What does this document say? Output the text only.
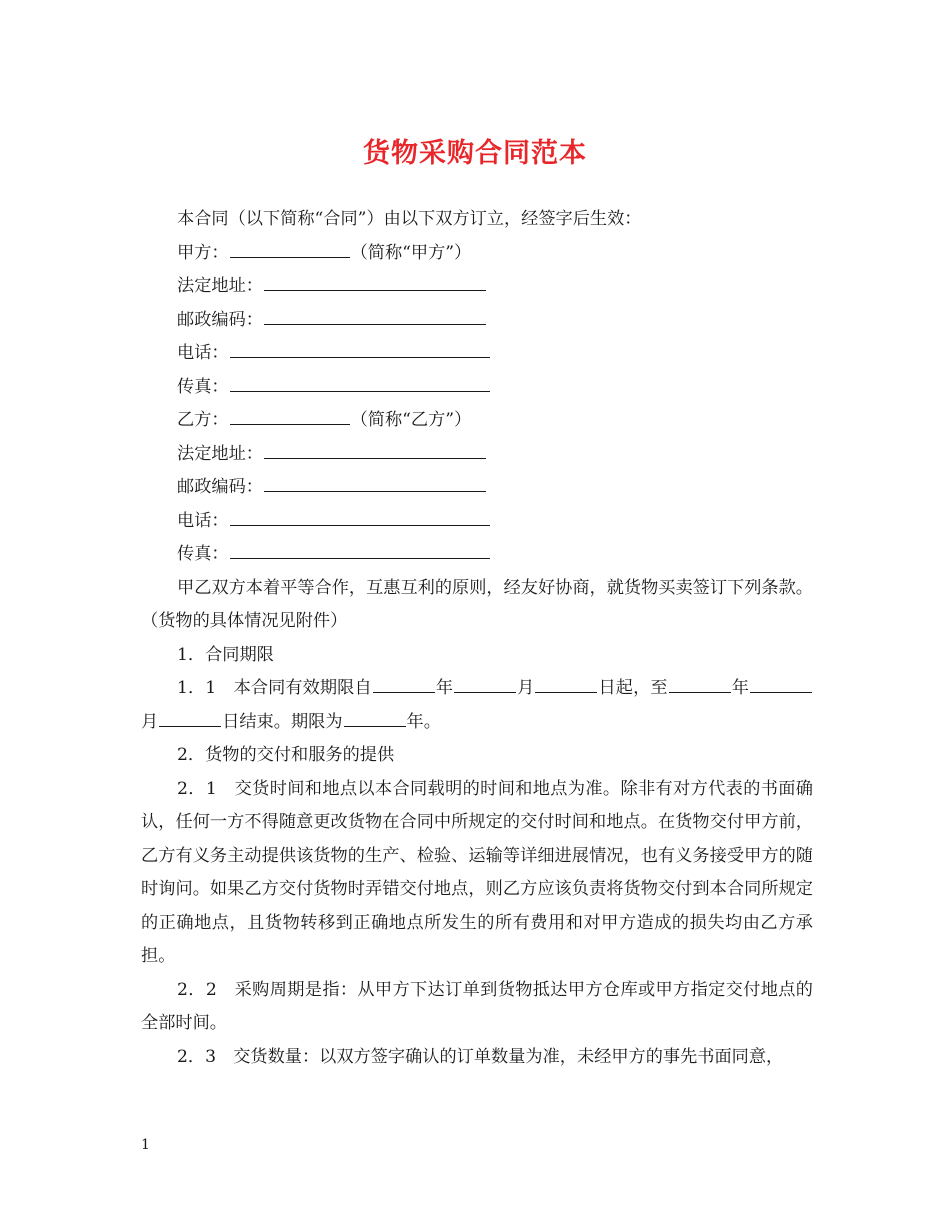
货物采购合同范本
本合同（以下简称“合同”）由以下双方订立，经签字后生效：
甲方：	（简称“甲方”）
法定地址：
邮政编码：
电话：
传真：
乙方：	（简称“乙方”）
法定地址：
邮政编码：
电话：
传真：
甲乙双方本着平等合作，互惠互利的原则，经友好协商，就货物买卖签订下列条款。（货物的具体情况见附件）
1．合同期限
1．1　本合同有效期限自	年	月	日起，至	年月	日结束。期限为	年。
2．货物的交付和服务的提供
2．1　交货时间和地点以本合同载明的时间和地点为准。除非有对方代表的书面确认，任何一方不得随意更改货物在合同中所规定的交付时间和地点。在货物交付甲方前，乙方有义务主动提供该货物的生产、检验、运输等详细进展情况，也有义务接受甲方的随时询问。如果乙方交付货物时弄错交付地点，则乙方应该负责将货物交付到本合同所规定的正确地点，且货物转移到正确地点所发生的所有费用和对甲方造成的损失均由乙方承担。
2．2　采购周期是指：从甲方下达订单到货物抵达甲方仓库或甲方指定交付地点的全部时间。
2．3　交货数量：以双方签字确认的订单数量为准，未经甲方的事先书面同意，
1
